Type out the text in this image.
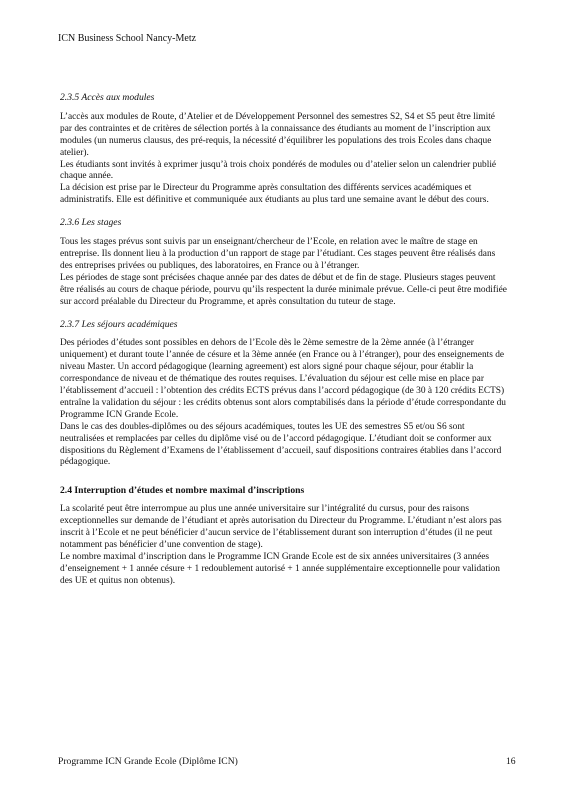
ICN Business School Nancy-Metz
2.3.5 Accès aux modules

L’accès aux modules de Route, d’Atelier et de Développement Personnel des semestres S2, S4 et S5 peut être limité par des contraintes et de critères de sélection portés à la connaissance des étudiants au moment de l’inscription aux modules (un numerus clausus, des pré-requis, la nécessité d’équilibrer les populations des trois Ecoles dans chaque atelier).

Les étudiants sont invités à exprimer jusqu’à trois choix pondérés de modules ou d’atelier selon un calendrier publié chaque année.

La décision est prise par le Directeur du Programme après consultation des différents services académiques et administratifs. Elle est définitive et communiquée aux étudiants au plus tard une semaine avant le début des cours.

2.3.6 Les stages

Tous les stages prévus sont suivis par un enseignant/chercheur de l’Ecole, en relation avec le maître de stage en entreprise. Ils donnent lieu à la production d’un rapport de stage par l’étudiant. Ces stages peuvent être réalisés dans des entreprises privées ou publiques, des laboratoires, en France ou à l’étranger.

Les périodes de stage sont précisées chaque année par des dates de début et de fin de stage. Plusieurs stages peuvent être réalisés au cours de chaque période, pourvu qu’ils respectent la durée minimale prévue. Celle-ci peut être modifiée sur accord préalable du Directeur du Programme, et après consultation du tuteur de stage.

2.3.7 Les séjours académiques

Des périodes d’études sont possibles en dehors de l’Ecole dès le 2ème semestre de la 2ème année (à l’étranger uniquement) et durant toute l’année de césure et la 3ème année (en France ou à l’étranger), pour des enseignements de niveau Master. Un accord pédagogique (learning agreement) est alors signé pour chaque séjour, pour établir la correspondance de niveau et de thématique des routes requises. L’évaluation du séjour est celle mise en place par l’établissement d’accueil : l’obtention des crédits ECTS prévus dans l’accord pédagogique (de 30 à 120 crédits ECTS) entraîne la validation du séjour : les crédits obtenus sont alors comptabilisés dans la période d’étude correspondante du Programme ICN Grande Ecole.

Dans le cas des doubles-diplômes ou des séjours académiques, toutes les UE des semestres S5 et/ou S6 sont neutralisées et remplacées par celles du diplôme visé ou de l’accord pédagogique. L’étudiant doit se conformer aux dispositions du Règlement d’Examens de l’établissement d’accueil, sauf dispositions contraires établies dans l’accord pédagogique.

2.4 Interruption d’études et nombre maximal d’inscriptions

La scolarité peut être interrompue au plus une année universitaire sur l’intégralité du cursus, pour des raisons exceptionnelles sur demande de l’étudiant et après autorisation du Directeur du Programme. L’étudiant n’est alors pas inscrit à l’Ecole et ne peut bénéficier d’aucun service de l’établissement durant son interruption d’études (il ne peut notamment pas bénéficier d’une convention de stage).

Le nombre maximal d’inscription dans le Programme ICN Grande Ecole est de six années universitaires (3 années d’enseignement + 1 année césure + 1 redoublement autorisé + 1 année supplémentaire exceptionnelle pour validation des UE et quitus non obtenus).

Programme ICN Grande Ecole (Diplôme ICN)	16
